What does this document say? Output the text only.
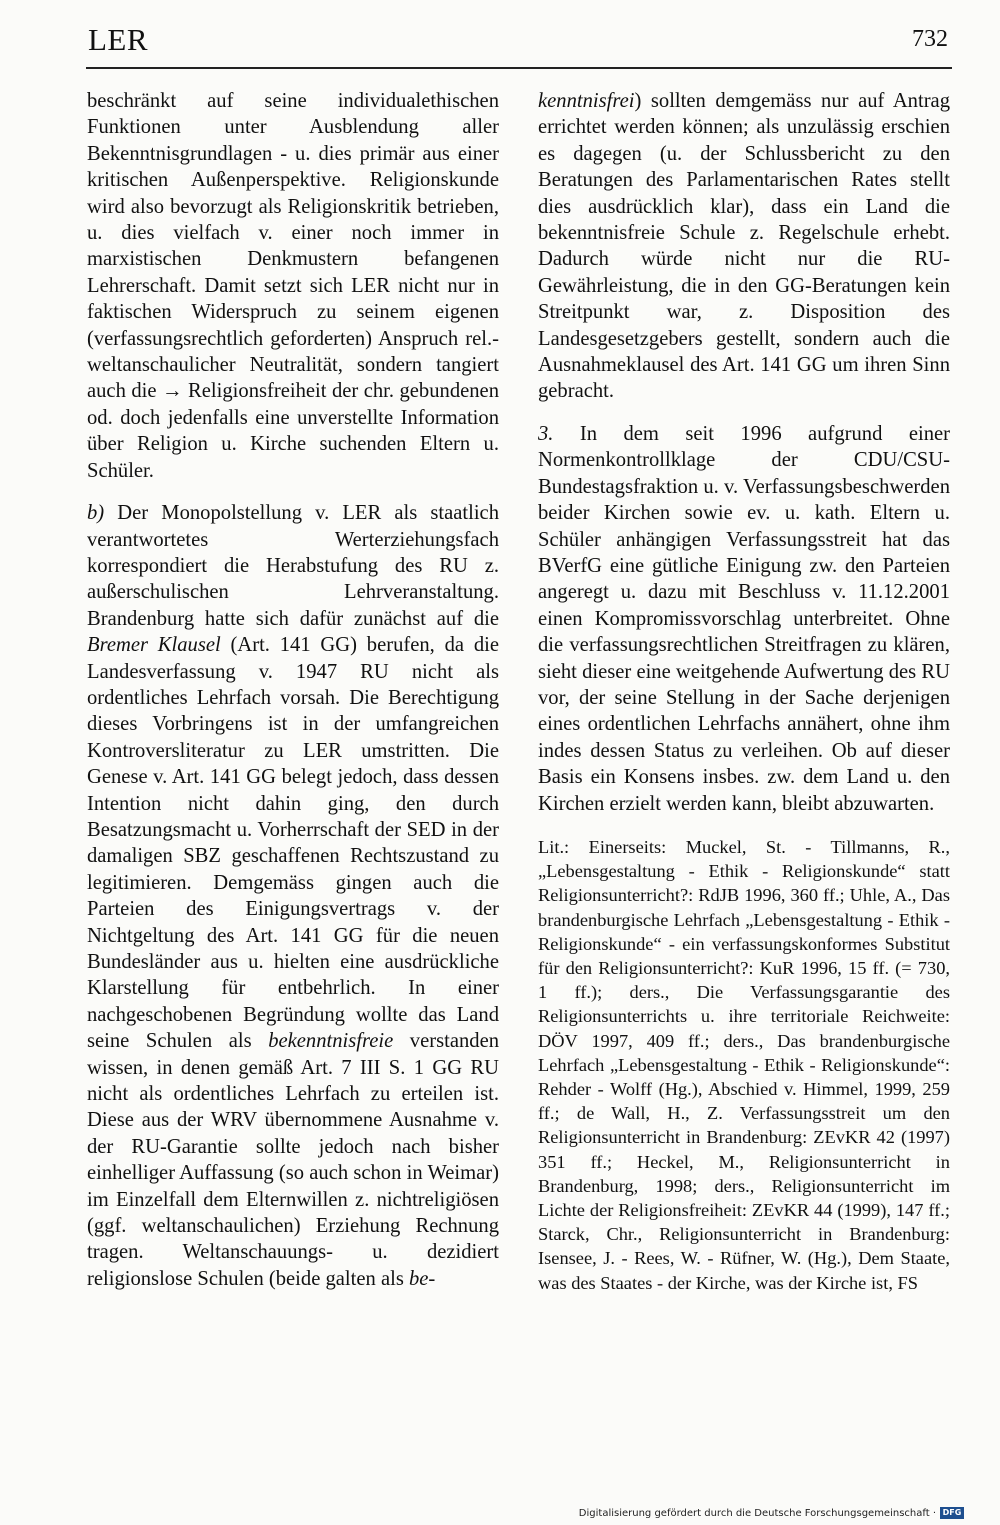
LER	732

beschränkt auf seine individualethischen Funktionen unter Ausblendung aller Bekenntnisgrundlagen - u. dies primär aus einer kritischen Außenperspektive. Religionskunde wird also bevorzugt als Religionskritik betrieben, u. dies vielfach v. einer noch immer in marxistischen Denkmustern befangenen Lehrerschaft. Damit setzt sich LER nicht nur in faktischen Widerspruch zu seinem eigenen (verfassungsrechtlich geforderten) Anspruch rel.-weltanschaulicher Neutralität, sondern tangiert auch die → Religionsfreiheit der chr. gebundenen od. doch jedenfalls eine unverstellte Information über Religion u. Kirche suchenden Eltern u. Schüler.

b) Der Monopolstellung v. LER als staatlich verantwortetes Werterziehungsfach korrespondiert die Herabstufung des RU z. außerschulischen Lehrveranstaltung. Brandenburg hatte sich dafür zunächst auf die Bremer Klausel (Art. 141 GG) berufen, da die Landesverfassung v. 1947 RU nicht als ordentliches Lehrfach vorsah. Die Berechtigung dieses Vorbringens ist in der umfangreichen Kontroversliteratur zu LER umstritten. Die Genese v. Art. 141 GG belegt jedoch, dass dessen Intention nicht dahin ging, den durch Besatzungsmacht u. Vorherrschaft der SED in der damaligen SBZ geschaffenen Rechtszustand zu legitimieren. Demgemäss gingen auch die Parteien des Einigungsvertrags v. der Nichtgeltung des Art. 141 GG für die neuen Bundesländer aus u. hielten eine ausdrückliche Klarstellung für entbehrlich. In einer nachgeschobenen Begründung wollte das Land seine Schulen als bekenntnisfreie verstanden wissen, in denen gemäß Art. 7 III S. 1 GG RU nicht als ordentliches Lehrfach zu erteilen ist. Diese aus der WRV übernommene Ausnahme v. der RU-Garantie sollte jedoch nach bisher einhelliger Auffassung (so auch schon in Weimar) im Einzelfall dem Elternwillen z. nichtreligiösen (ggf. weltanschaulichen) Erziehung Rechnung tragen. Weltanschauungs- u. dezidiert religionslose Schulen (beide galten als be-

kenntnisfrei) sollten demgemäss nur auf Antrag errichtet werden können; als unzulässig erschien es dagegen (u. der Schlussbericht zu den Beratungen des Parlamentarischen Rates stellt dies ausdrücklich klar), dass ein Land die bekenntnisfreie Schule z. Regelschule erhebt. Dadurch würde nicht nur die RU-Gewährleistung, die in den GG-Beratungen kein Streitpunkt war, z. Disposition des Landesgesetzgebers gestellt, sondern auch die Ausnahmeklausel des Art. 141 GG um ihren Sinn gebracht.

3. In dem seit 1996 aufgrund einer Normenkontrollklage der CDU/CSU-Bundestagsfraktion u. v. Verfassungsbeschwerden beider Kirchen sowie ev. u. kath. Eltern u. Schüler anhängigen Verfassungsstreit hat das BVerfG eine gütliche Einigung zw. den Parteien angeregt u. dazu mit Beschluss v. 11.12.2001 einen Kompromissvorschlag unterbreitet. Ohne die verfassungsrechtlichen Streitfragen zu klären, sieht dieser eine weitgehende Aufwertung des RU vor, der seine Stellung in der Sache derjenigen eines ordentlichen Lehrfachs annähert, ohne ihm indes dessen Status zu verleihen. Ob auf dieser Basis ein Konsens insbes. zw. dem Land u. den Kirchen erzielt werden kann, bleibt abzuwarten.

Lit.: Einerseits: Muckel, St. - Tillmanns, R., „Lebensgestaltung - Ethik - Religionskunde“ statt Religionsunterricht?: RdJB 1996, 360 ff.; Uhle, A., Das brandenburgische Lehrfach „Lebensgestaltung - Ethik - Religionskunde“ - ein verfassungskonformes Substitut für den Religionsunterricht?: KuR 1996, 15 ff. (= 730, 1 ff.); ders., Die Verfassungsgarantie des Religionsunterrichts u. ihre territoriale Reichweite: DÖV 1997, 409 ff.; ders., Das brandenburgische Lehrfach „Lebensgestaltung - Ethik - Religionskunde“: Rehder - Wolff (Hg.), Abschied v. Himmel, 1999, 259 ff.; de Wall, H., Z. Verfassungsstreit um den Religionsunterricht in Brandenburg: ZEvKR 42 (1997) 351 ff.; Heckel, M., Religionsunterricht in Brandenburg, 1998; ders., Religionsunterricht im Lichte der Religionsfreiheit: ZEvKR 44 (1999), 147 ff.; Starck, Chr., Religionsunterricht in Brandenburg: Isensee, J. - Rees, W. - Rüfner, W. (Hg.), Dem Staate, was des Staates - der Kirche, was der Kirche ist, FS

Digitalisierung gefördert durch die Deutsche Forschungsgemeinschaft · DFG
